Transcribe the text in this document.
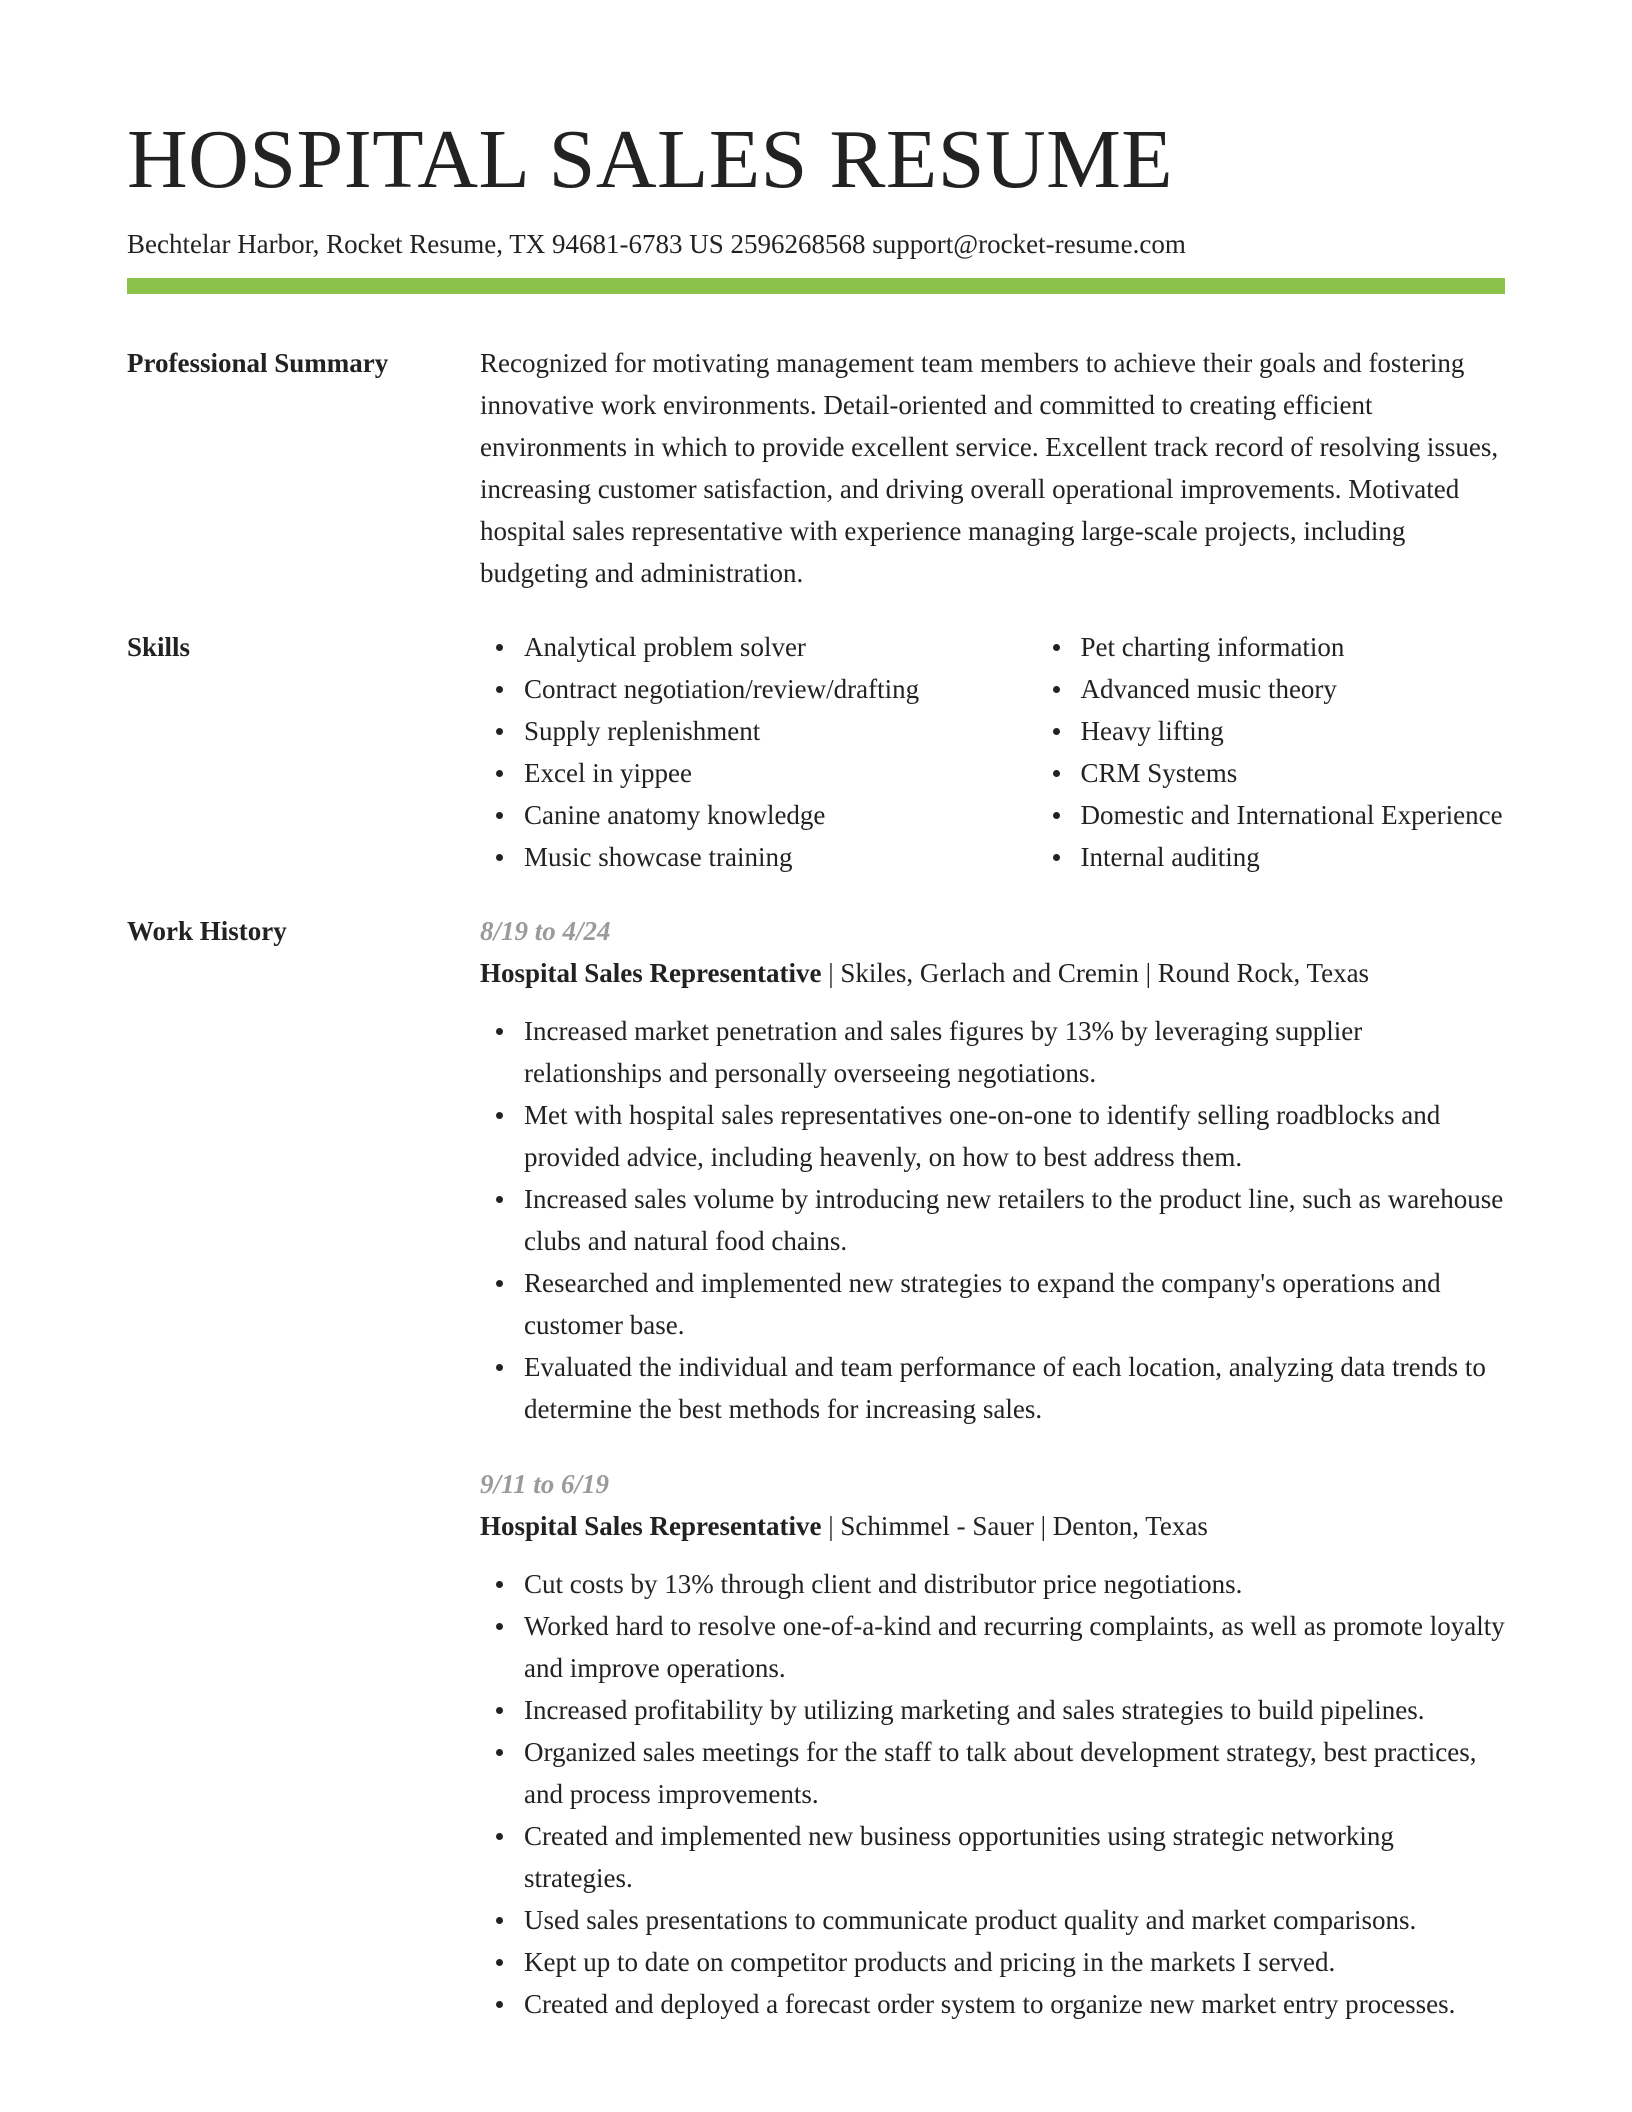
HOSPITAL SALES RESUME
Bechtelar Harbor, Rocket Resume, TX 94681-6783 US 2596268568 support@rocket-resume.com
Professional Summary	Recognized for motivating management team members to achieve their goals and fostering innovative work environments. Detail-oriented and committed to creating efficient environments in which to provide excellent service. Excellent track record of resolving issues, increasing customer satisfaction, and driving overall operational improvements. Motivated hospital sales representative with experience managing large-scale projects, including budgeting and administration.
Skills	Analytical problem solver
Contract negotiation/review/drafting
Supply replenishment
Excel in yippee
Canine anatomy knowledge
Music showcase training
Pet charting information
Advanced music theory
Heavy lifting
CRM Systems
Domestic and International Experience
Internal auditing
Work History	8/19 to 4/24
Hospital Sales Representative | Skiles, Gerlach and Cremin | Round Rock, Texas
Increased market penetration and sales figures by 13% by leveraging supplier relationships and personally overseeing negotiations.
Met with hospital sales representatives one-on-one to identify selling roadblocks and provided advice, including heavenly, on how to best address them.
Increased sales volume by introducing new retailers to the product line, such as warehouse clubs and natural food chains.
Researched and implemented new strategies to expand the company's operations and customer base.
Evaluated the individual and team performance of each location, analyzing data trends to determine the best methods for increasing sales.
9/11 to 6/19
Hospital Sales Representative | Schimmel - Sauer | Denton, Texas
Cut costs by 13% through client and distributor price negotiations.
Worked hard to resolve one-of-a-kind and recurring complaints, as well as promote loyalty and improve operations.
Increased profitability by utilizing marketing and sales strategies to build pipelines.
Organized sales meetings for the staff to talk about development strategy, best practices, and process improvements.
Created and implemented new business opportunities using strategic networking strategies.
Used sales presentations to communicate product quality and market comparisons.
Kept up to date on competitor products and pricing in the markets I served.
Created and deployed a forecast order system to organize new market entry processes.
